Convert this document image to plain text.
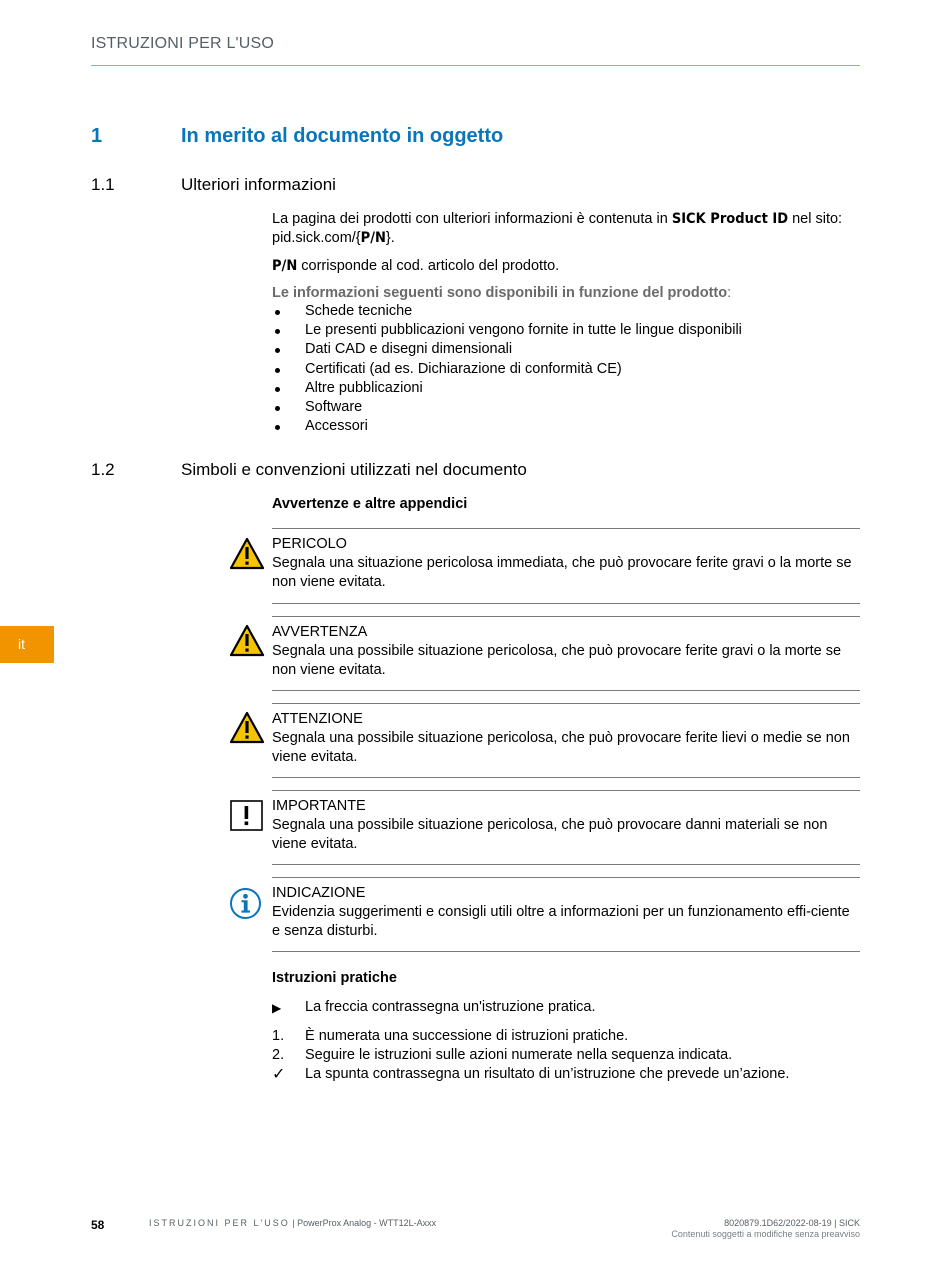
ISTRUZIONI PER L'USO
1	In merito al documento in oggetto
1.1	Ulteriori informazioni
La pagina dei prodotti con ulteriori informazioni è contenuta in SICK Product ID nel sito:
pid.sick.com/{P/N}.
P/N corrisponde al cod. articolo del prodotto.
Le informazioni seguenti sono disponibili in funzione del prodotto:
Schede tecniche
Le presenti pubblicazioni vengono fornite in tutte le lingue disponibili
Dati CAD e disegni dimensionali
Certificati (ad es. Dichiarazione di conformità CE)
Altre pubblicazioni
Software
Accessori
1.2	Simboli e convenzioni utilizzati nel documento
Avvertenze e altre appendici
PERICOLO
Segnala una situazione pericolosa immediata, che può provocare ferite gravi o la morte se non viene evitata.
AVVERTENZA
Segnala una possibile situazione pericolosa, che può provocare ferite gravi o la morte se non viene evitata.
ATTENZIONE
Segnala una possibile situazione pericolosa, che può provocare ferite lievi o medie se non viene evitata.
IMPORTANTE
Segnala una possibile situazione pericolosa, che può provocare danni materiali se non viene evitata.
INDICAZIONE
Evidenzia suggerimenti e consigli utili oltre a informazioni per un funzionamento effi-ciente e senza disturbi.
Istruzioni pratiche
▶	La freccia contrassegna un'istruzione pratica.
1.	È numerata una successione di istruzioni pratiche.
2.	Seguire le istruzioni sulle azioni numerate nella sequenza indicata.
✓	La spunta contrassegna un risultato di un’istruzione che prevede un’azione.
it
58	ISTRUZIONI PER L'USO | PowerProx Analog - WTT12L-Axxx	8020879.1D62/2022-08-19 | SICK
Contenuti soggetti a modifiche senza preavviso
